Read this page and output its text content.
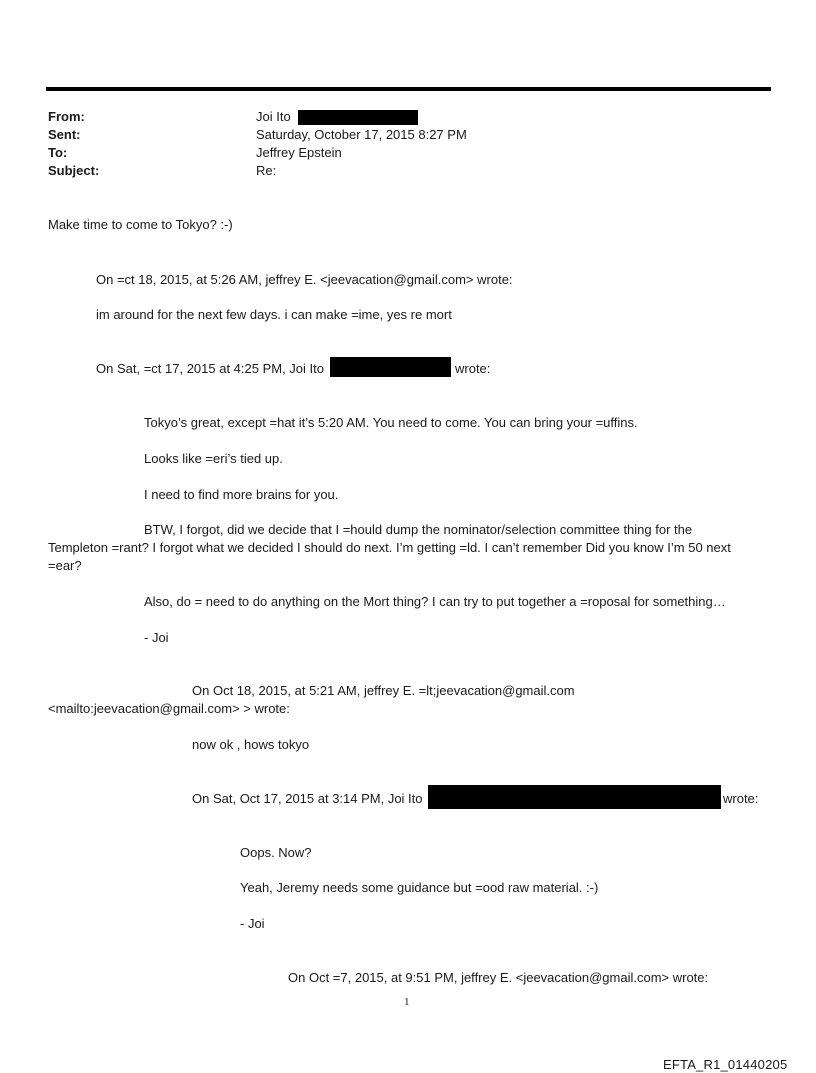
From:
Sent:
To:
Subject:
Joi Ito
Saturday, October 17, 2015 8:27 PM
Jeffrey Epstein
Re:
Make time to come to Tokyo? :-)
On =ct 18, 2015, at 5:26 AM, jeffrey E. <jeevacation@gmail.com> wrote:
im around for the next few days. i can make =ime, yes re mort
On Sat, =ct 17, 2015 at 4:25 PM, Joi Ito	wrote:
Tokyo’s great, except =hat it’s 5:20 AM. You need to come. You can bring your =uffins.
Looks like =eri’s tied up.
I need to find more brains for you.
BTW, I forgot, did we decide that I =hould dump the nominator/selection committee thing for the
Templeton =rant? I forgot what we decided I should do next. I’m getting =ld. I can’t remember Did you know I’m 50 next
=ear?
Also, do = need to do anything on the Mort thing? I can try to put together a =roposal for something…
- Joi
On Oct 18, 2015, at 5:21 AM, jeffrey E. =lt;jeevacation@gmail.com
<mailto:jeevacation@gmail.com> > wrote:
now ok , hows tokyo
On Sat, Oct 17, 2015 at 3:14 PM, Joi Ito	wrote:
Oops. Now?
Yeah, Jeremy needs some guidance but =ood raw material. :-)
- Joi
On Oct =7, 2015, at 9:51 PM, jeffrey E. <jeevacation@gmail.com> wrote:
1
EFTA_R1_01440205
